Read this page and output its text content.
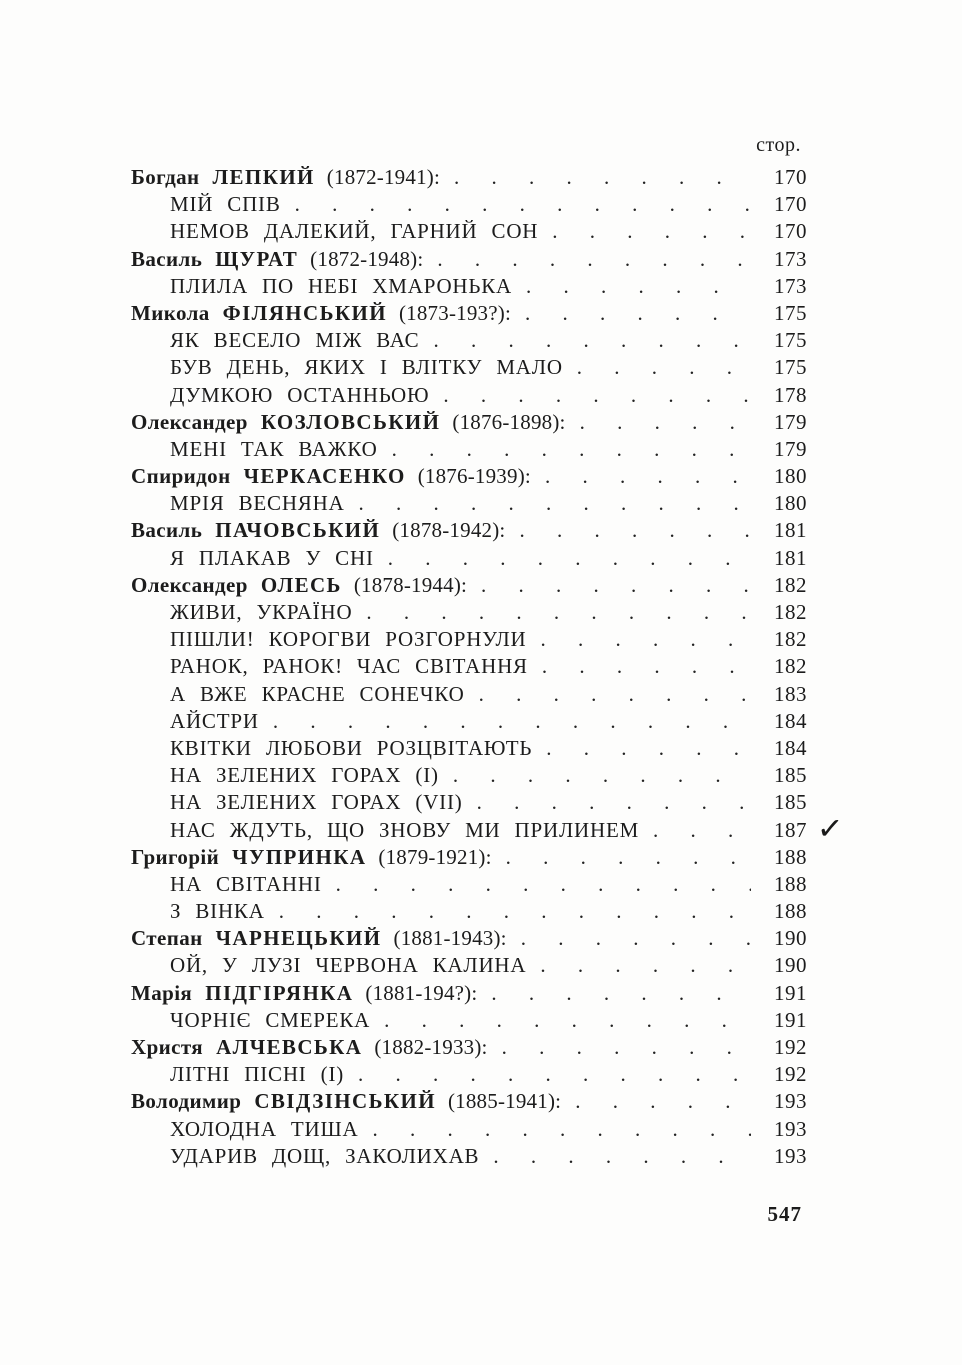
стор.
Богдан ЛЕПКИЙ (1872-1941): . . .	170
МІЙ СПІВ . . .	170
НЕМОВ ДАЛЕКИЙ, ГАРНИЙ СОН . . .	170
Василь ЩУРАТ (1872-1948): . . .	173
ПЛИЛА ПО НЕБІ ХМАРОНЬКА . . .	173
Микола ФІЛЯНСЬКИЙ (1873-193?): . . .	175
ЯК ВЕСЕЛО МІЖ ВАС . . .	175
БУВ ДЕНЬ, ЯКИХ І ВЛІТКУ МАЛО . . .	175
ДУМКОЮ ОСТАННЬОЮ . . .	178
Олександер КОЗЛОВСЬКИЙ (1876-1898): . . .	179
МЕНІ ТАК ВАЖКО . . .	179
Спиридон ЧЕРКАСЕНКО (1876-1939): . . .	180
МРІЯ ВЕСНЯНА . . .	180
Василь ПАЧОВСЬКИЙ (1878-1942): . . .	181
Я ПЛАКАВ У СНІ . . .	181
Олександер ОЛЕСЬ (1878-1944): . . .	182
ЖИВИ, УКРАЇНО . . .	182
ПІШЛИ! КОРОГВИ РОЗГОРНУЛИ . . .	182
РАНОК, РАНОК! ЧАС СВІТАННЯ . . .	182
А ВЖЕ КРАСНЕ СОНЕЧКО . . .	183
АЙСТРИ . . .	184
КВІТКИ ЛЮБОВИ РОЗЦВІТАЮТЬ . . .	184
НА ЗЕЛЕНИХ ГОРАХ (I) . . .	185
НА ЗЕЛЕНИХ ГОРАХ (VII) . . .	185
НАС ЖДУТЬ, ЩО ЗНОВУ МИ ПРИЛИНЕМ . . .	187 ✓
Григорій ЧУПРИНКА (1879-1921): . . .	188
НА СВІТАННІ . . .	188
З ВІНКА . . .	188
Степан ЧАРНЕЦЬКИЙ (1881-1943): . . .	190
ОЙ, У ЛУЗІ ЧЕРВОНА КАЛИНА . . .	190
Марія ПІДГІРЯНКА (1881-194?): . . .	191
ЧОРНІЄ СМЕРЕКА . . .	191
Христя АЛЧЕВСЬКА (1882-1933): . . .	192
ЛІТНІ ПІСНІ (I) . . .	192
Володимир СВІДЗІНСЬКИЙ (1885-1941): . . .	193
ХОЛОДНА ТИША . . .	193
УДАРИВ ДОЩ, ЗАКОЛИХАВ . . .	193
547
